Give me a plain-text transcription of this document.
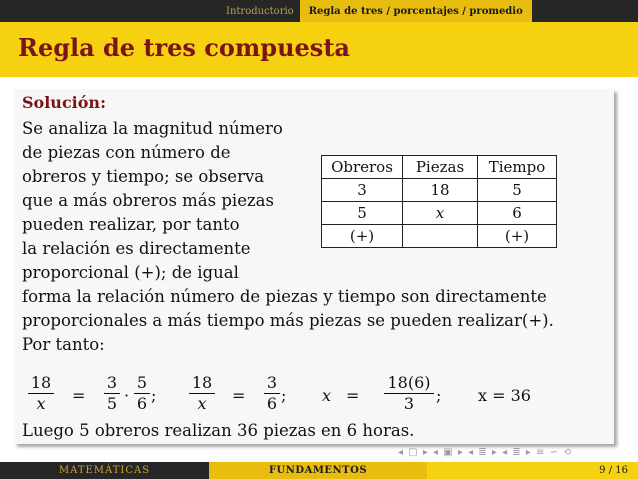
Introductorio	Regla de tres / porcentajes / promedio
Regla de tres compuesta
Solución:
Se analiza la magnitud número
de piezas con número de
obreros y tiempo; se observa
que a más obreros más piezas
pueden realizar, por tanto
la relación es directamente
proporcional (+); de igual
forma la relación número de piezas y tiempo son directamente
proporcionales a más tiempo más piezas se pueden realizar(+).
Por tanto:
Obreros	Piezas	Tiempo
3	18	5
5	x	6
(+)		(+)
18
x	=
3
5 ·
5
6 ;
18
x	=
3
6 ; x =
18(6)
3	; x = 36
Luego 5 obreros realizan 36 piezas en 6 horas.
◂ ▢ ▸ ◂ ▣ ▸ ◂ ≣ ▸ ◂ ≣ ▸ ≡ ∽ ⟲
MATEMÁTICAS	FUNDAMENTOS	9 / 16
